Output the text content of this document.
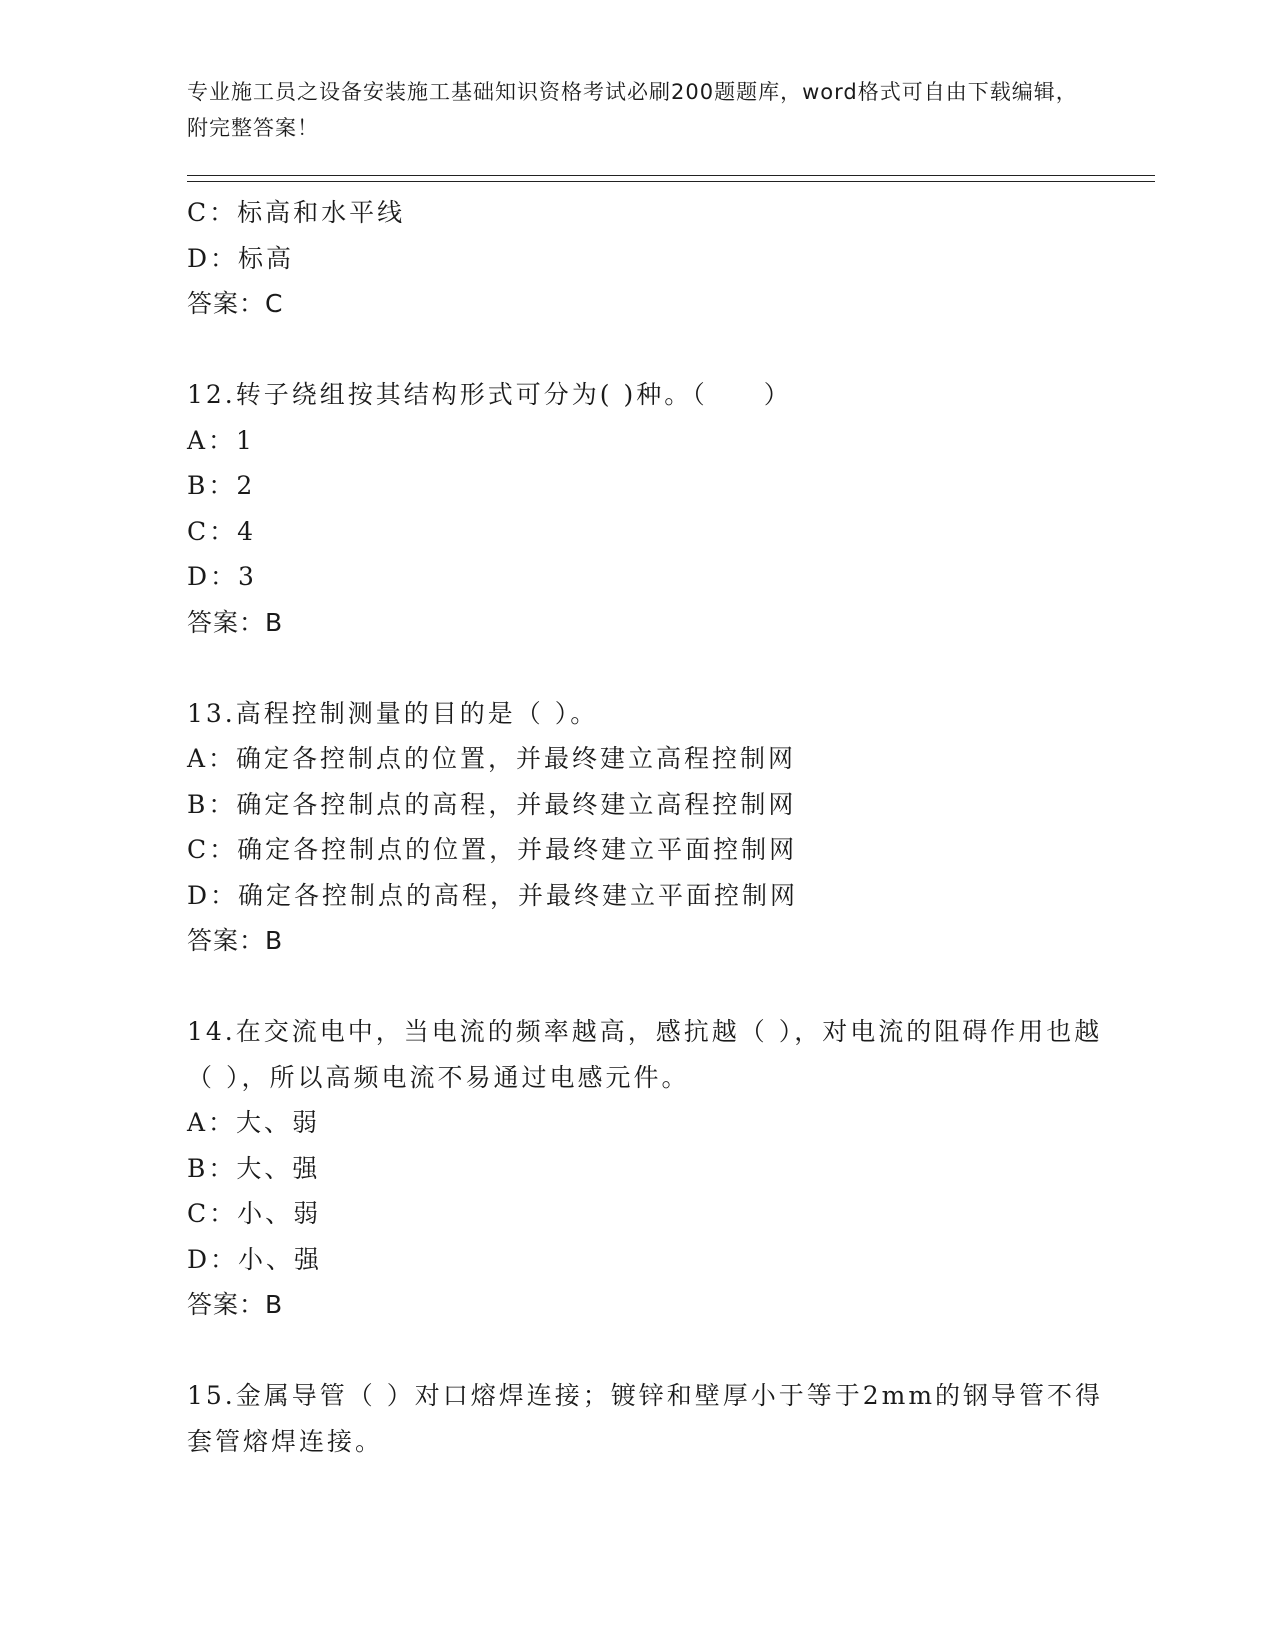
专业施工员之设备安装施工基础知识资格考试必刷200题题库，word格式可自由下载编辑，附完整答案！
C：标高和水平线
D：标高
答案：C
12.转子绕组按其结构形式可分为( )种。（　　）
A：1
B：2
C：4
D：3
答案：B
13.高程控制测量的目的是（ ）。
A：确定各控制点的位置，并最终建立高程控制网
B：确定各控制点的高程，并最终建立高程控制网
C：确定各控制点的位置，并最终建立平面控制网
D：确定各控制点的高程，并最终建立平面控制网
答案：B
14.在交流电中，当电流的频率越高，感抗越（ ），对电流的阻碍作用也越（ ），所以高频电流不易通过电感元件。
A：大、弱
B：大、强
C：小、弱
D：小、强
答案：B
15.金属导管（ ）对口熔焊连接；镀锌和壁厚小于等于2mm的钢导管不得套管熔焊连接。
